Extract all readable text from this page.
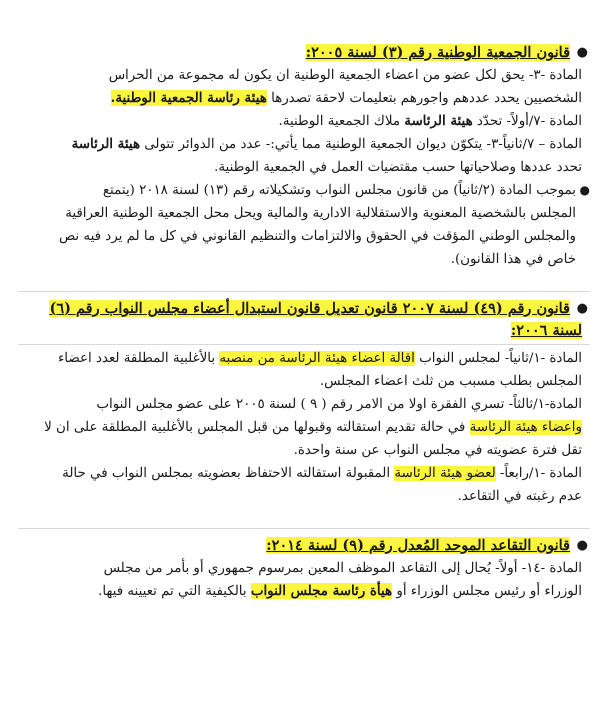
●
قانون الجمعية الوطنية رقم (٣) لسنة ٢٠٠٥:

المادة -٣- يحق لكل عضو من اعضاء الجمعية الوطنية ان يكون له مجموعة من الحراس

الشخصيين يحدد عددهم واجورهم بتعليمات لاحقة تصدرها هيئة رئاسة الجمعية الوطنية.

المادة -٧/أولاً- تحدّد هيئة الرئاسة ملاك الجمعية الوطنية.

المادة – ٧/ثانياً-٣- يتكوّن ديوان الجمعية الوطنية مما يأتي:- عدد من الدوائر تتولى هيئة الرئاسة

تحدد عددها وصلاحياتها حسب مقتضيات العمل في الجمعية الوطنية.

●
بموجب المادة (٢/ثانياً) من قانون مجلس النواب وتشكيلاته رقم (١٣) لسنة ٢٠١٨ (يتمتع

المجلس بالشخصية المعنوية والاستقلالية الادارية والمالية ويحل محل الجمعية الوطنية العراقية

والمجلس الوطني المؤقت في الحقوق والالتزامات والتنظيم القانوني في كل ما لم يرد فيه نص

خاص في هذا القانون).

●
قانون رقم (٤٩) لسنة ٢٠٠٧ قانون تعديل قانون استبدال أعضاء مجلس النواب رقم (٦)

لسنة ٢٠٠٦:

المادة -١/ثانياً- لمجلس النواب اقالة اعضاء هيئة الرئاسة من منصبه بالأغلبية المطلقة لعدد اعضاء

المجلس بطلب مسبب من ثلث اعضاء المجلس.

المادة-١/ثالثاً- تسري الفقرة اولا من الامر رقم ( ٩ ) لسنة ٢٠٠٥ على عضو مجلس النواب

واعضاء هيئة الرئاسة في حالة تقديم استقالته وقبولها من قبل المجلس بالأغلبية المطلقة على ان لا

تقل فترة عضويته في مجلس النواب عن سنة واحدة.

المادة -١/رابعاً- لعضو هيئة الرئاسة المقبولة استقالته الاحتفاظ بعضويته بمجلس النواب في حالة

عدم رغبته في التقاعد.

●
قانون التقاعد الموحد المُعدل رقم (٩) لسنة ٢٠١٤:

المادة -١٤- أولاً- يُحال إلى التقاعد الموظف المعين بمرسوم جمهوري أو بأمر من مجلس

الوزراء أو رئيس مجلس الوزراء أو هيأة رئاسة مجلس النواب بالكيفية التي تم تعيينه فيها.
